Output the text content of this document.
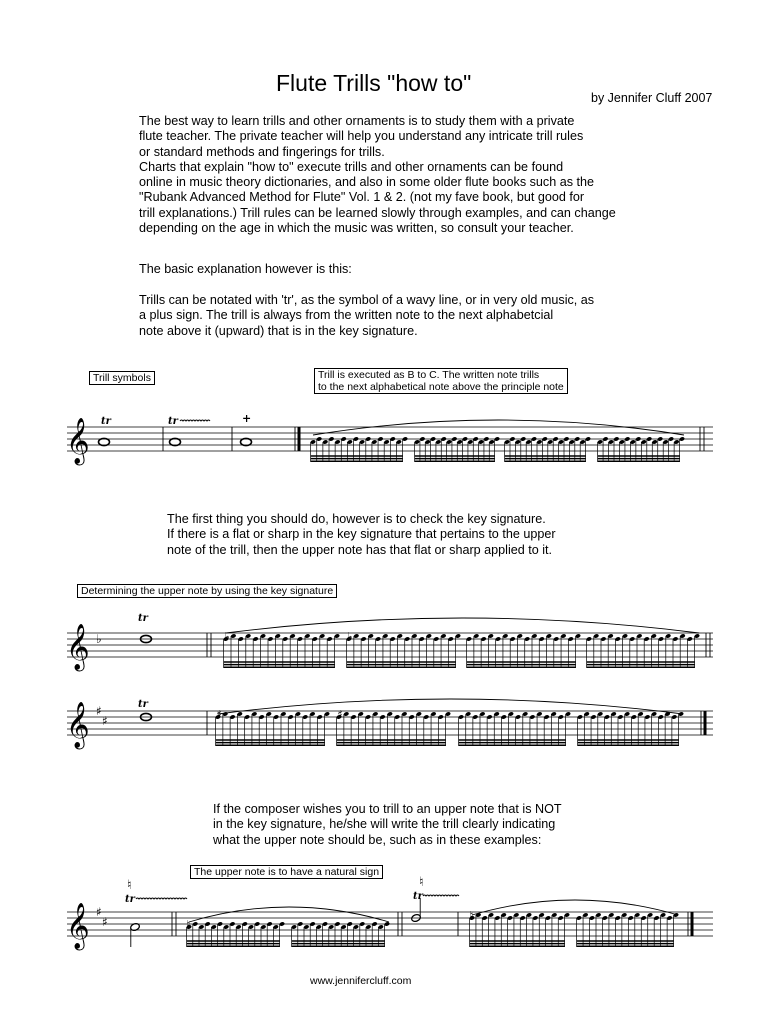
Flute Trills "how to"
by Jennifer Cluff 2007
The best way to learn trills and other ornaments is to study them with a private
flute teacher. The private teacher will help you understand any intricate trill rules
or standard methods and fingerings for trills.
Charts that explain "how to" execute trills and other ornaments can be found
online in music theory dictionaries, and also in some older flute books such as the
"Rubank Advanced Method for Flute" Vol. 1 & 2. (not my fave book, but good for
trill explanations.) Trill rules can be learned slowly through examples, and can change
depending on the age in which the music was written, so consult your teacher.
The basic explanation however is this:
Trills can be notated with 'tr', as the symbol of a wavy line, or in very old music, as
a plus sign. The trill is always from the written note to the next alphabetcial
note above it (upward) that is in the key signature.
Trill symbols	Trill is executed as B to C. The written note trills
to the next alphabetical note above the principle note
𝄞 tr	tr	+
The first thing you should do, however is to check the key signature.
If there is a flat or sharp in the key signature that pertains to the upper
note of the trill, then the upper note has that flat or sharp applied to it.
Determining the upper note by using the key signature
𝄞 ♭
tr
♭	♭
𝄞 ♯
♯
tr
♯	♯
If the composer wishes you to trill to an upper note that is NOT
in the key signature, he/she will write the trill clearly indicating
what the upper note should be, such as in these examples:
The upper note is to have a natural sign
𝄞 ♯
♯
♮
tr
♮
♮
tr
♮
www.jennifercluff.com
